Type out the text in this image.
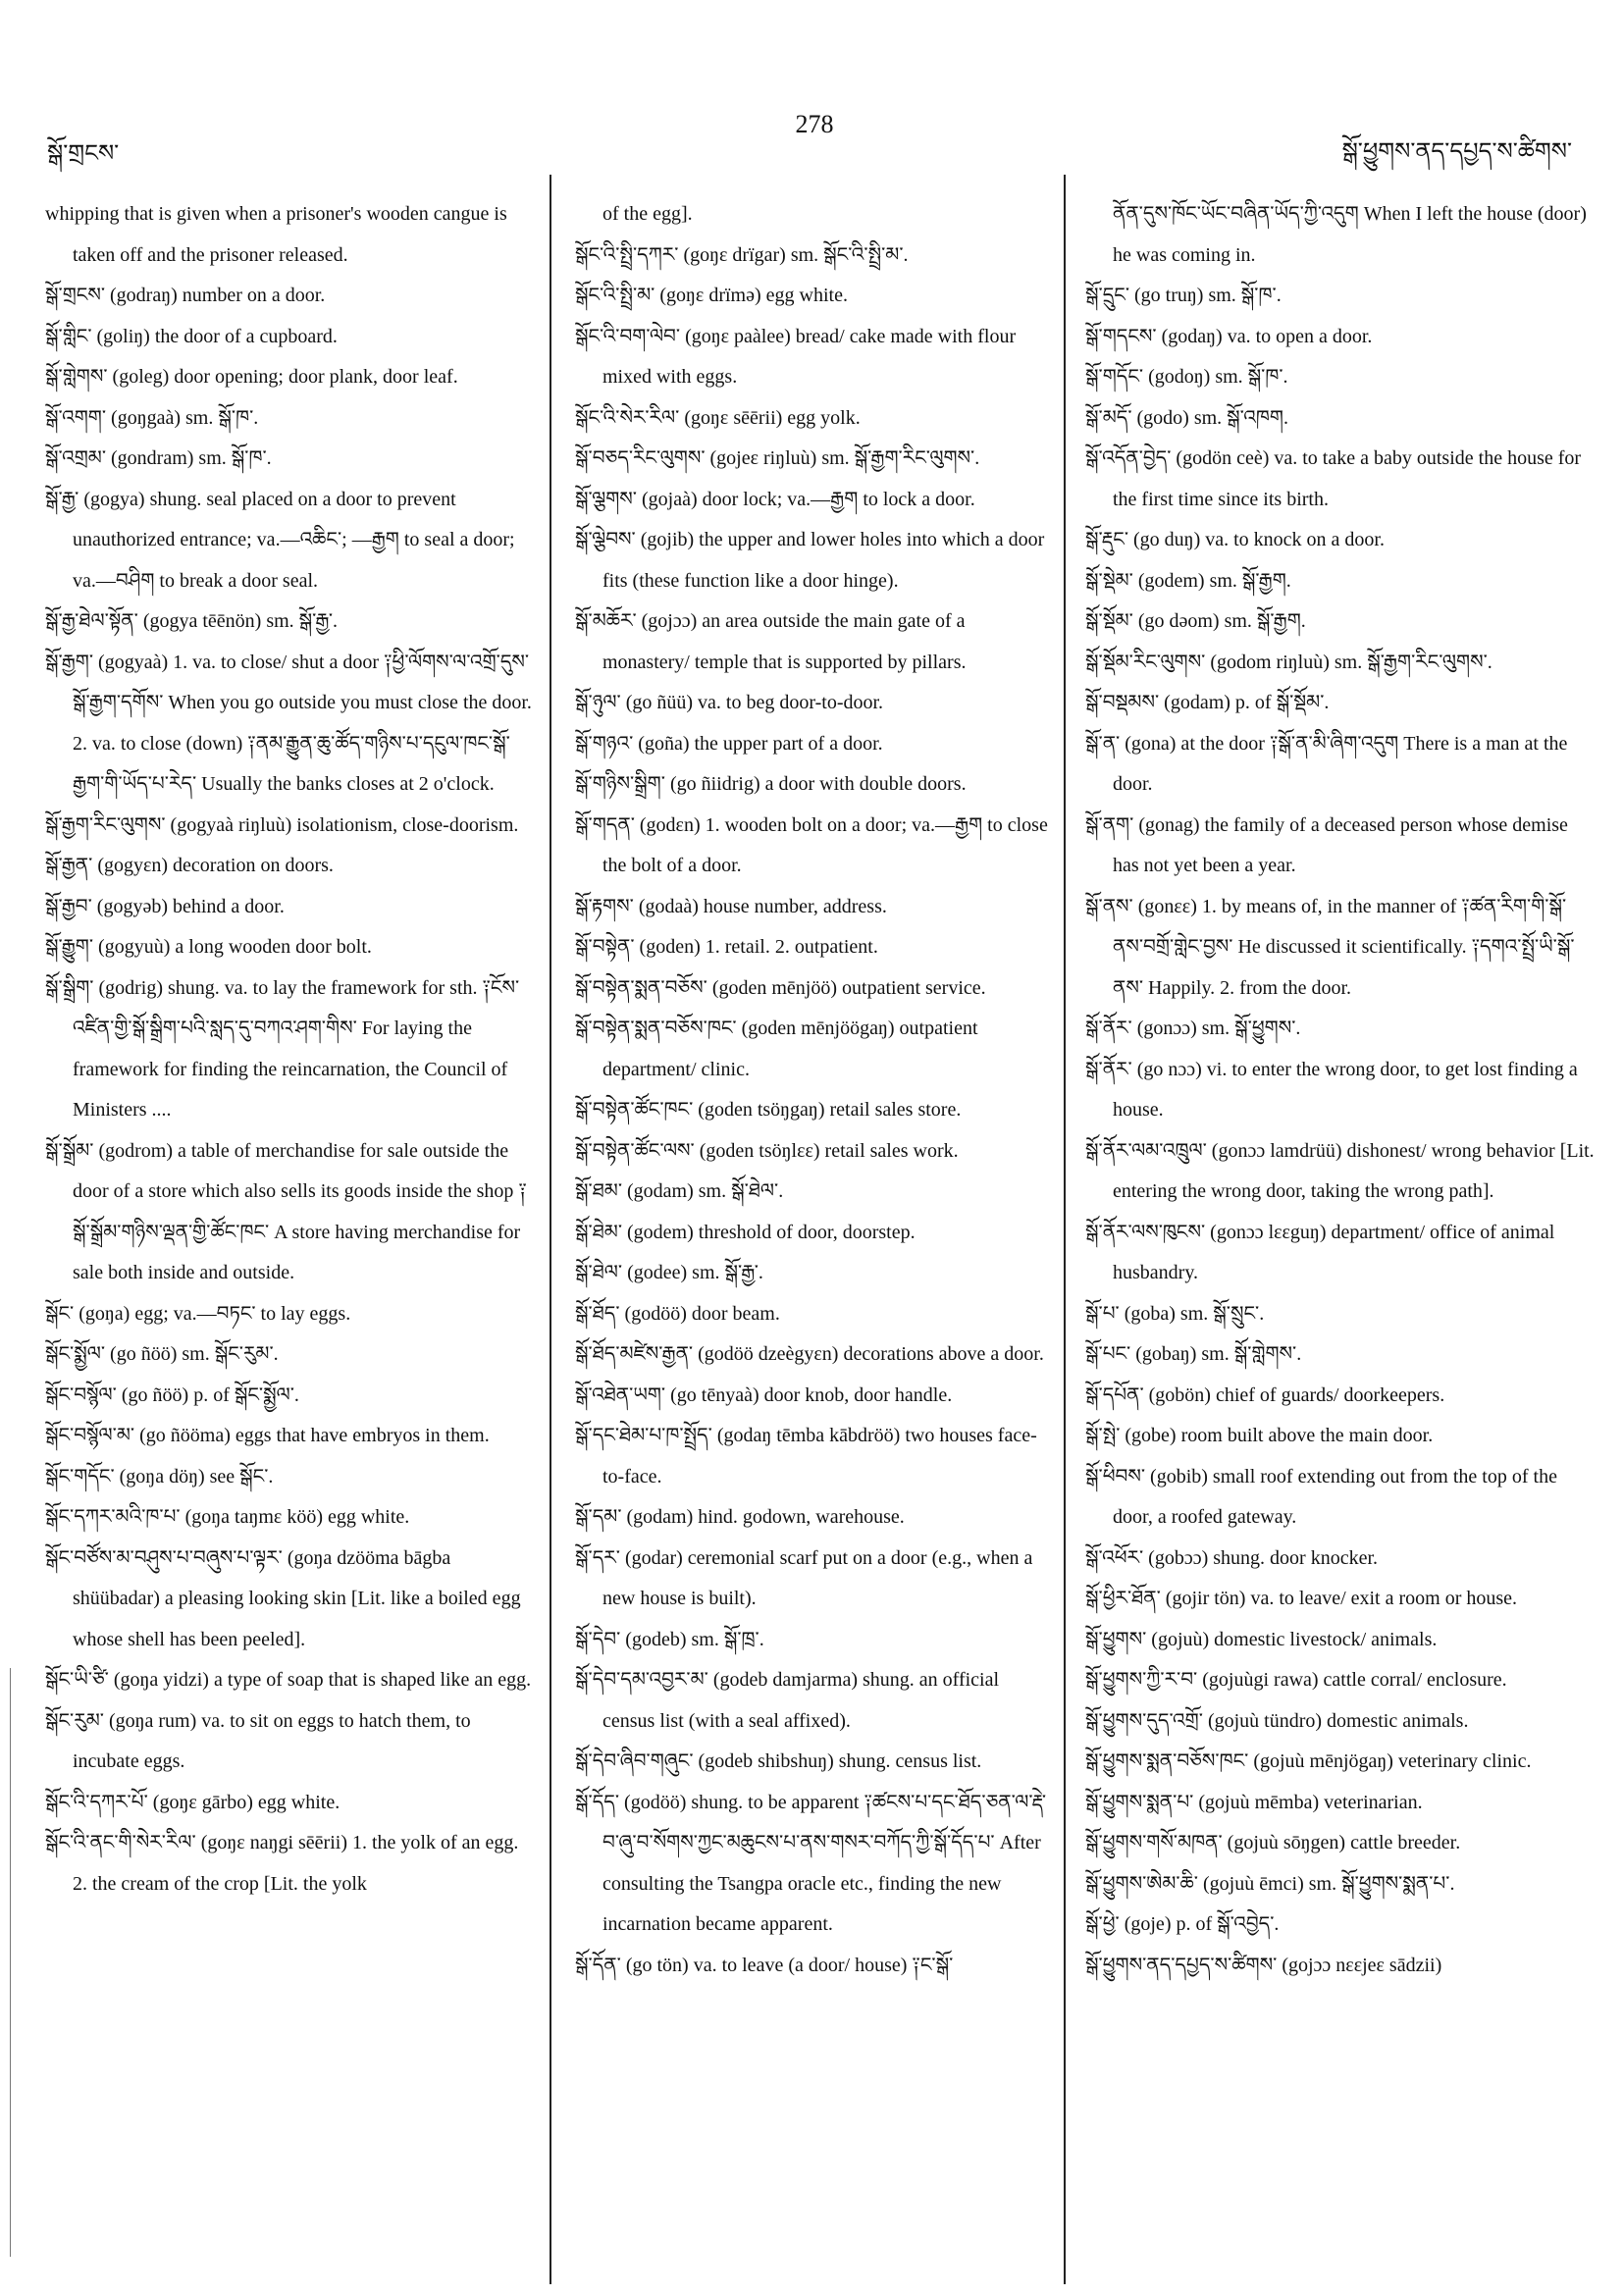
སྒོ་གྲངས་
278
སྒོ་ཕྱུགས་ནད་དཔྱད་ས་ཚིགས་

whipping that is given when a prisoner's wooden cangue is taken off and the prisoner released.

སྒོ་གྲངས་ (godraŋ) number on a door.

སྒོ་གླིང་ (goliŋ) the door of a cupboard.

སྒོ་གླེགས་ (goleg) door opening; door plank, door leaf.

སྒོ་འགག་ (goŋgaà) sm. སྒོ་ཁ་.

སྒོ་འགྲམ་ (gondram) sm. སྒོ་ཁ་.

སྒོ་རྒྱ་ (gogya) shung. seal placed on a door to prevent unauthorized entrance; va.—འཆིང་; —རྒྱག to seal a door; va.—བཤིག to break a door seal.

སྒོ་རྒྱ་ཐེལ་སྟོན་ (gogya tēēnön) sm. སྒོ་རྒྱ་.

སྒོ་རྒྱག་ (gogyaà) 1. va. to close/ shut a door ༑ཕྱི་ལོགས་ལ་འགྲོ་དུས་སྒོ་རྒྱག་དགོས་ When you go outside you must close the door. 2. va. to close (down) ༑ནམ་རྒྱུན་ཆུ་ཚོད་གཉིས་པ་དངུལ་ཁང་སྒོ་རྒྱག་གི་ཡོད་པ་རེད་ Usually the banks closes at 2 o'clock.

སྒོ་རྒྱག་རིང་ལུགས་ (gogyaà riŋluù) isolationism, close-doorism.

སྒོ་རྒྱན་ (gogyɛn) decoration on doors.

སྒོ་རྒྱབ་ (gogyəb) behind a door.

སྒོ་རྒྱུག་ (gogyuù) a long wooden door bolt.

སྒོ་སྒྲིག་ (godrig) shung. va. to lay the framework for sth. ༑ངོས་འཛིན་གྱི་སྒོ་སྒྲིག་པའི་སླད་དུ་བཀའ་ཤག་གིས་ For laying the framework for finding the reincarnation, the Council of Ministers ....

སྒོ་སྒྲོམ་ (godrom) a table of merchandise for sale outside the door of a store which also sells its goods inside the shop ༑སྒོ་སྒྲོམ་གཉིས་ལྡན་གྱི་ཚོང་ཁང་ A store having merchandise for sale both inside and outside.

སྒོང་ (goŋa) egg; va.—བཏང་ to lay eggs.

སྒོང་སྨྱོལ་ (go ñöö) sm. སྒོང་རུམ་.

སྒོང་བསྙོལ་ (go ñöö) p. of སྒོང་སྨྱོལ་.

སྒོང་བསྙོལ་མ་ (go ñööma) eggs that have embryos in them.

སྒོང་གདོང་ (goŋa döŋ) see སྒོང་.

སྒོང་དཀར་མའི་ཁ་པ་ (goŋa taŋmɛ köö) egg white.

སྒོང་བཙོས་མ་བཤུས་པ་བཞུས་པ་ལྟར་ (goŋa dzööma bāgba shüübadar) a pleasing looking skin [Lit. like a boiled egg whose shell has been peeled].

སྒོང་ཡི་ཙི་ (goŋa yidzi) a type of soap that is shaped like an egg.

སྒོང་རུམ་ (goŋa rum) va. to sit on eggs to hatch them, to incubate eggs.

སྒོང་འི་དཀར་པོ་ (goŋɛ gārbo) egg white.

སྒོང་འི་ནང་གི་སེར་རིལ་ (goŋɛ naŋgi sēērii) 1. the yolk of an egg. 2. the cream of the crop [Lit. the yolk

of the egg].

སྒོང་འི་སྤྲི་དཀར་ (goŋɛ drïgar) sm. སྒོང་འི་སྤྲི་མ་.

སྒོང་འི་སྤྲི་མ་ (goŋɛ drïmə) egg white.

སྒོང་འི་བག་ལེབ་ (goŋɛ paàlee) bread/ cake made with flour mixed with eggs.

སྒོང་འི་སེར་རིལ་ (goŋɛ sēērii) egg yolk.

སྒོ་བཅད་རིང་ལུགས་ (gojeɛ riŋluù) sm. སྒོ་རྒྱག་རིང་ལུགས་.

སྒོ་ལྕགས་ (gojaà) door lock; va.—རྒྱག to lock a door.

སྒོ་ལྕེབས་ (gojib) the upper and lower holes into which a door fits (these function like a door hinge).

སྒོ་མཆོར་ (gojɔɔ) an area outside the main gate of a monastery/ temple that is supported by pillars.

སྒོ་ཉུལ་ (go ñüü) va. to beg door-to-door.

སྒོ་གཉའ་ (goña) the upper part of a door.

སྒོ་གཉིས་སྒྲིག་ (go ñiidrig) a door with double doors.

སྒོ་གདན་ (godɛn) 1. wooden bolt on a door; va.—རྒྱག to close the bolt of a door.

སྒོ་རྟགས་ (godaà) house number, address.

སྒོ་བསྟེན་ (goden) 1. retail. 2. outpatient.

སྒོ་བསྟེན་སྨན་བཅོས་ (goden mēnjöö) outpatient service.

སྒོ་བསྟེན་སྨན་བཅོས་ཁང་ (goden mēnjöögaŋ) outpatient department/ clinic.

སྒོ་བསྟེན་ཚོང་ཁང་ (goden tsöŋgaŋ) retail sales store.

སྒོ་བསྟེན་ཚོང་ལས་ (goden tsöŋlɛɛ) retail sales work.

སྒོ་ཐམ་ (godam) sm. སྒོ་ཐེལ་.

སྒོ་ཐེམ་ (godem) threshold of door, doorstep.

སྒོ་ཐེལ་ (godee) sm. སྒོ་རྒྱ་.

སྒོ་ཐོད་ (godöö) door beam.

སྒོ་ཐོད་མཛེས་རྒྱན་ (godöö dzeègyɛn) decorations above a door.

སྒོ་འཐེན་ཡག་ (go tēnyaà) door knob, door handle.

སྒོ་དང་ཐེམ་པ་ཁ་སྤྲོད་ (godaŋ tēmba kābdröö) two houses face-to-face.

སྒོ་དམ་ (godam) hind. godown, warehouse.

སྒོ་དར་ (godar) ceremonial scarf put on a door (e.g., when a new house is built).

སྒོ་དེབ་ (godeb) sm. སྒོ་ཁྲ་.

སྒོ་དེབ་དམ་འབྱར་མ་ (godeb damjarma) shung. an official census list (with a seal affixed).

སྒོ་དེབ་ཞིབ་གཞུང་ (godeb shibshuŋ) shung. census list.

སྒོ་དོད་ (godöö) shung. to be apparent ༑ཚངས་པ་དང་ཐོད་ཅན་ལ་རྡེ་བ་ཞུ་བ་སོགས་ཀྱང་མཆུངས་པ་ནས་གསར་བཀོད་ཀྱི་སྒོ་དོད་པ་ After consulting the Tsangpa oracle etc., finding the new incarnation became apparent.

སྒོ་དོན་ (go tön) va. to leave (a door/ house) ༑ང་སྒོ་

ནོན་དུས་ཁོང་ཡོང་བཞིན་ཡོད་ཀྱི་འདུག When I left the house (door) he was coming in.

སྒོ་དྲུང་ (go truŋ) sm. སྒོ་ཁ་.

སྒོ་གདངས་ (godaŋ) va. to open a door.

སྒོ་གདོང་ (godoŋ) sm. སྒོ་ཁ་.

སྒོ་མདོ་ (godo) sm. སྒོ་འཁག.

སྒོ་འདོན་བྱེད་ (godön ceè) va. to take a baby outside the house for the first time since its birth.

སྒོ་རྡུང་ (go duŋ) va. to knock on a door.

སྒོ་སྡེམ་ (godem) sm. སྒོ་རྒྱག.

སྒོ་སྡོམ་ (go dəom) sm. སྒོ་རྒྱག.

སྒོ་སྡོམ་རིང་ལུགས་ (godom riŋluù) sm. སྒོ་རྒྱག་རིང་ལུགས་.

སྒོ་བསྡམས་ (godam) p. of སྒོ་སྡོམ་.

སྒོ་ན་ (gona) at the door ༑སྒོ་ན་མི་ཞིག་འདུག There is a man at the door.

སྒོ་ནག་ (gonag) the family of a deceased person whose demise has not yet been a year.

སྒོ་ནས་ (gonɛɛ) 1. by means of, in the manner of ༑ཚན་རིག་གི་སྒོ་ནས་བགྲོ་གླེང་བྱས་ He discussed it scientifically. ༑དགའ་སྤྲོ་ཡི་སྒོ་ནས་ Happily. 2. from the door.

སྒོ་ནོར་ (gonɔɔ) sm. སྒོ་ཕྱུགས་.

སྒོ་ནོར་ (go nɔɔ) vi. to enter the wrong door, to get lost finding a house.

སྒོ་ནོར་ལམ་འཁྲུལ་ (gonɔɔ lamdrüü) dishonest/ wrong behavior [Lit. entering the wrong door, taking the wrong path].

སྒོ་ནོར་ལས་ཁུངས་ (gonɔɔ lɛɛguŋ) department/ office of animal husbandry.

སྒོ་པ་ (goba) sm. སྒོ་སྲུང་.

སྒོ་པང་ (gobaŋ) sm. སྒོ་གླེགས་.

སྒོ་དཔོན་ (gobön) chief of guards/ doorkeepers.

སྒོ་སྤེ་ (gobe) room built above the main door.

སྒོ་ཕིབས་ (gobib) small roof extending out from the top of the door, a roofed gateway.

སྒོ་འཕོར་ (gobɔɔ) shung. door knocker.

སྒོ་ཕྱིར་ཐོན་ (gojir tön) va. to leave/ exit a room or house.

སྒོ་ཕྱུགས་ (gojuù) domestic livestock/ animals.

སྒོ་ཕྱུགས་ཀྱི་ར་བ་ (gojuùgi rawa) cattle corral/ enclosure.

སྒོ་ཕྱུགས་དུད་འགྲོ་ (gojuù tündro) domestic animals.

སྒོ་ཕྱུགས་སྨན་བཅོས་ཁང་ (gojuù mēnjögaŋ) veterinary clinic.

སྒོ་ཕྱུགས་སྨན་པ་ (gojuù mēmba) veterinarian.

སྒོ་ཕྱུགས་གསོ་མཁན་ (gojuù sōŋgen) cattle breeder.

སྒོ་ཕྱུགས་ཨེམ་ཆི་ (gojuù ēmci) sm. སྒོ་ཕྱུགས་སྨན་པ་.

སྒོ་ཕྱེ་ (goje) p. of སྒོ་འབྱེད་.

སྒོ་ཕྱུགས་ནད་དཔྱད་ས་ཚིགས་ (gojɔɔ nɛɛjeɛ sādzii)
